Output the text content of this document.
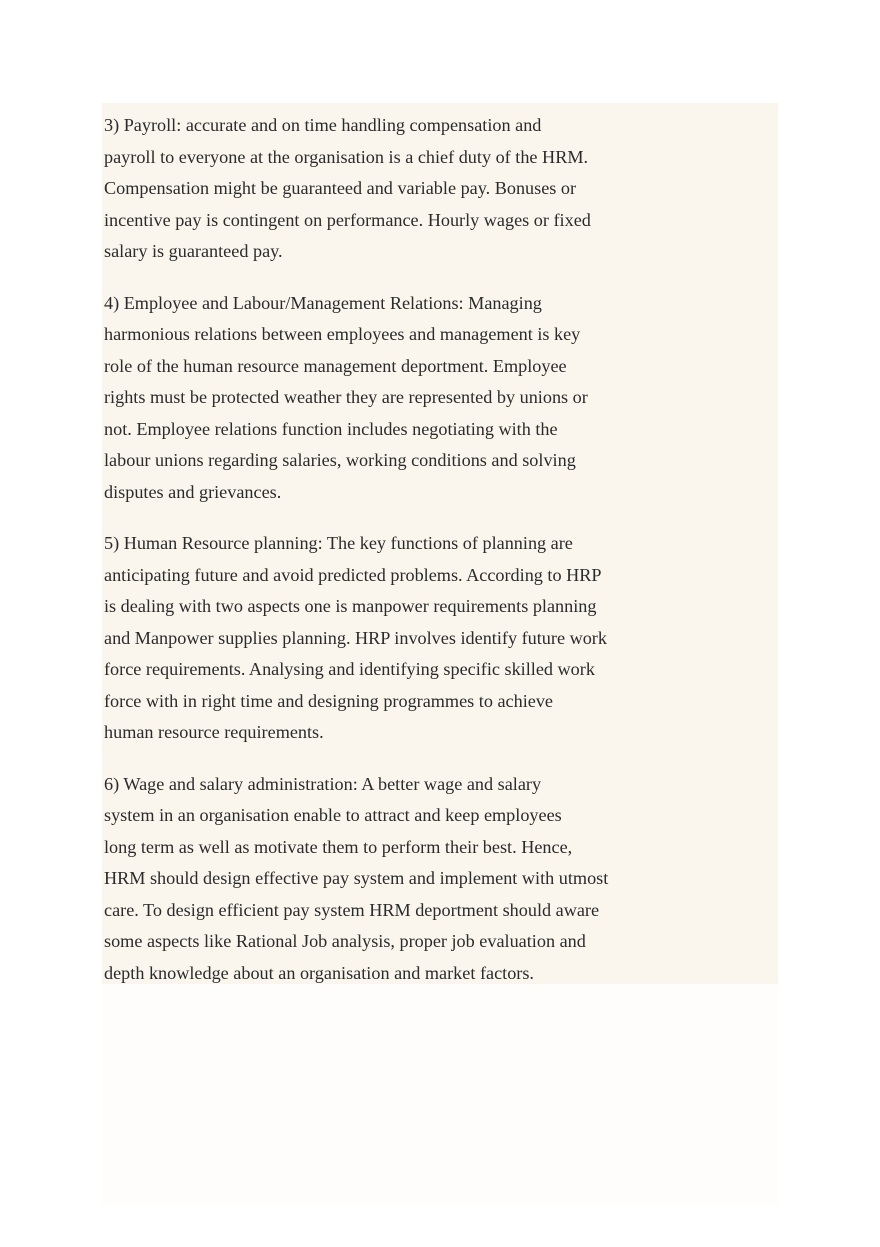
3) Payroll: accurate and on time handling compensation and
payroll to everyone at the organisation is a chief duty of the HRM.
Compensation might be guaranteed and variable pay. Bonuses or
incentive pay is contingent on performance. Hourly wages or fixed
salary is guaranteed pay.

4) Employee and Labour/Management Relations: Managing
harmonious relations between employees and management is key
role of the human resource management deportment. Employee
rights must be protected weather they are represented by unions or
not. Employee relations function includes negotiating with the
labour unions regarding salaries, working conditions and solving
disputes and grievances.

5) Human Resource planning: The key functions of planning are
anticipating future and avoid predicted problems. According to HRP
is dealing with two aspects one is manpower requirements planning
and Manpower supplies planning. HRP involves identify future work
force requirements. Analysing and identifying specific skilled work
force with in right time and designing programmes to achieve
human resource requirements.

6) Wage and salary administration: A better wage and salary
system in an organisation enable to attract and keep employees
long term as well as motivate them to perform their best. Hence,
HRM should design effective pay system and implement with utmost
care. To design efficient pay system HRM deportment should aware
some aspects like Rational Job analysis, proper job evaluation and
depth knowledge about an organisation and market factors.
